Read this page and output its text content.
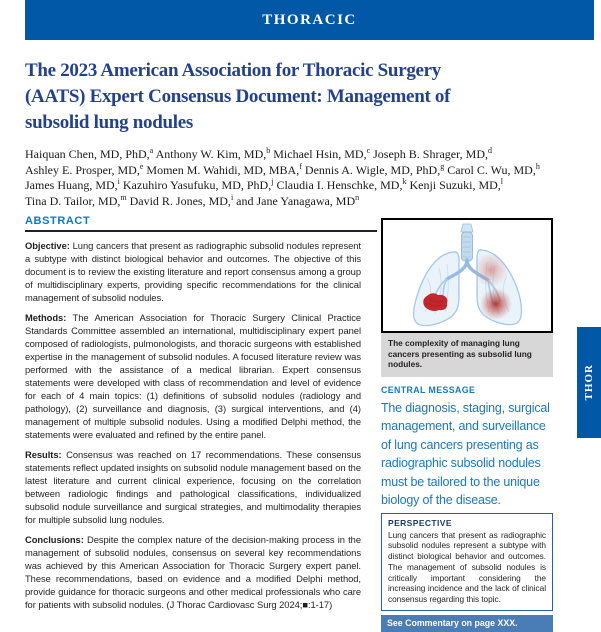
THORACIC
The 2023 American Association for Thoracic Surgery
(AATS) Expert Consensus Document: Management of
subsolid lung nodules
Haiquan Chen, MD, PhD,$^a$ Anthony W. Kim, MD,$^b$ Michael Hsin, MD,$^c$ Joseph B. Shrager, MD,$^d$
Ashley E. Prosper, MD,$^e$ Momen M. Wahidi, MD, MBA,$^f$ Dennis A. Wigle, MD, PhD,$^g$ Carol C. Wu, MD,$^h$
James Huang, MD,$^i$ Kazuhiro Yasufuku, MD, PhD,$^j$ Claudia I. Henschke, MD,$^k$ Kenji Suzuki, MD,$^l$
Tina D. Tailor, MD,$^m$ David R. Jones, MD,$^i$ and Jane Yanagawa, $MD^n$
ABSTRACT

Objective: Lung cancers that present as radiographic subsolid nodules represent a subtype with distinct biological behavior and outcomes. The objective of this document is to review the existing literature and report consensus among a group of multidisciplinary experts, providing specific recommendations for the clinical management of subsolid nodules.

Methods: The American Association for Thoracic Surgery Clinical Practice Standards Committee assembled an international, multidisciplinary expert panel composed of radiologists, pulmonologists, and thoracic surgeons with established expertise in the management of subsolid nodules. A focused literature review was performed with the assistance of a medical librarian. Expert consensus statements were developed with class of recommendation and level of evidence for each of 4 main topics: (1) definitions of subsolid nodules (radiology and pathology), (2) surveillance and diagnosis, (3) surgical interventions, and (4) management of multiple subsolid nodules. Using a modified Delphi method, the statements were evaluated and refined by the entire panel.

Results: Consensus was reached on 17 recommendations. These consensus statements reflect updated insights on subsolid nodule management based on the latest literature and current clinical experience, focusing on the correlation between radiologic findings and pathological classifications, individualized subsolid nodule surveillance and surgical strategies, and multimodality therapies for multiple subsolid lung nodules.

Conclusions: Despite the complex nature of the decision-making process in the management of subsolid nodules, consensus on several key recommendations was achieved by this American Association for Thoracic Surgery expert panel. These recommendations, based on evidence and a modified Delphi method, provide guidance for thoracic surgeons and other medical professionals who care for patients with subsolid nodules. (J Thorac Cardiovasc Surg 2024;■:1-17)

The complexity of managing lung cancers presenting as subsolid lung nodules.
CENTRAL MESSAGE
The diagnosis, staging, surgical management, and surveillance of lung cancers presenting as radiographic subsolid nodules must be tailored to the unique biology of the disease.
PERSPECTIVE
Lung cancers that present as radiographic subsolid nodules represent a subtype with distinct biological behavior and outcomes. The management of subsolid nodules is critically important considering the increasing incidence and the lack of clinical consensus regarding this topic.
See Commentary on page XXX.
THOR
